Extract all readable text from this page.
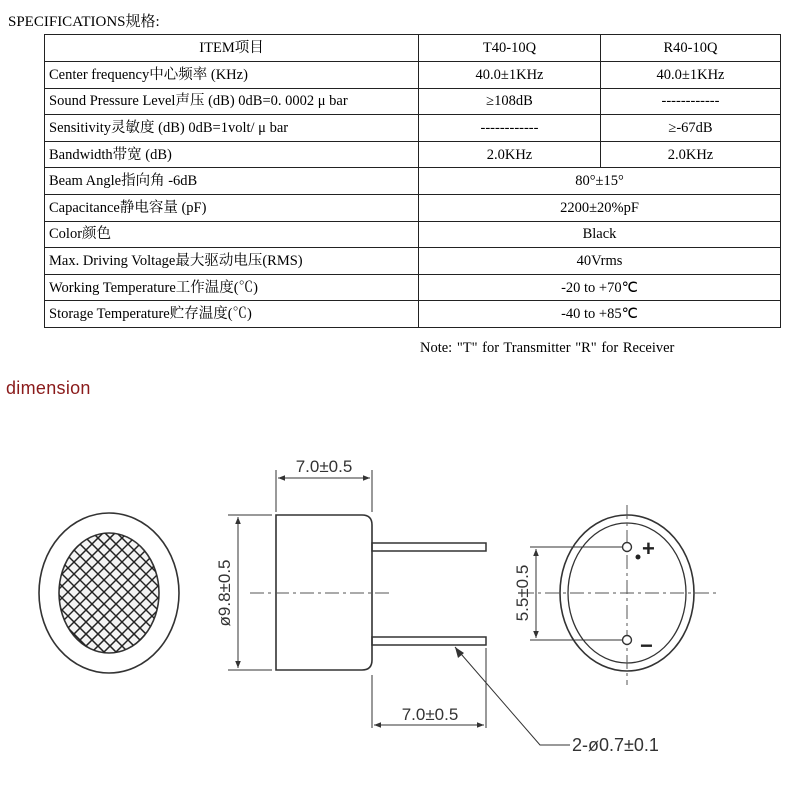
SPECIFICATIONS规格:
ITEM项目	T40-10Q	R40-10Q
Center frequency中心频率 (KHz)	40.0±1KHz	40.0±1KHz
Sound Pressure Level声压 (dB) 0dB=0. 0002 μ bar	≥108dB	------------
Sensitivity灵敏度 (dB) 0dB=1volt/ μ bar	------------	≥-67dB
Bandwidth带宽 (dB)	2.0KHz	2.0KHz
Beam Angle指向角 -6dB	80°±15°	
Capacitance静电容量 (pF)	2200±20%pF	
Color颜色	Black	
Max. Driving Voltage最大驱动电压(RMS)	40Vrms	
Working Temperature工作温度(℃)	-20 to +70℃	
Storage Temperature贮存温度(℃)	-40 to +85℃	
Note: "T" for Transmitter "R" for Receiver
dimension
7.0±0.5
ø9.8±0.5
7.0±0.5
2-ø0.7±0.1
+
−
5.5±0.5
